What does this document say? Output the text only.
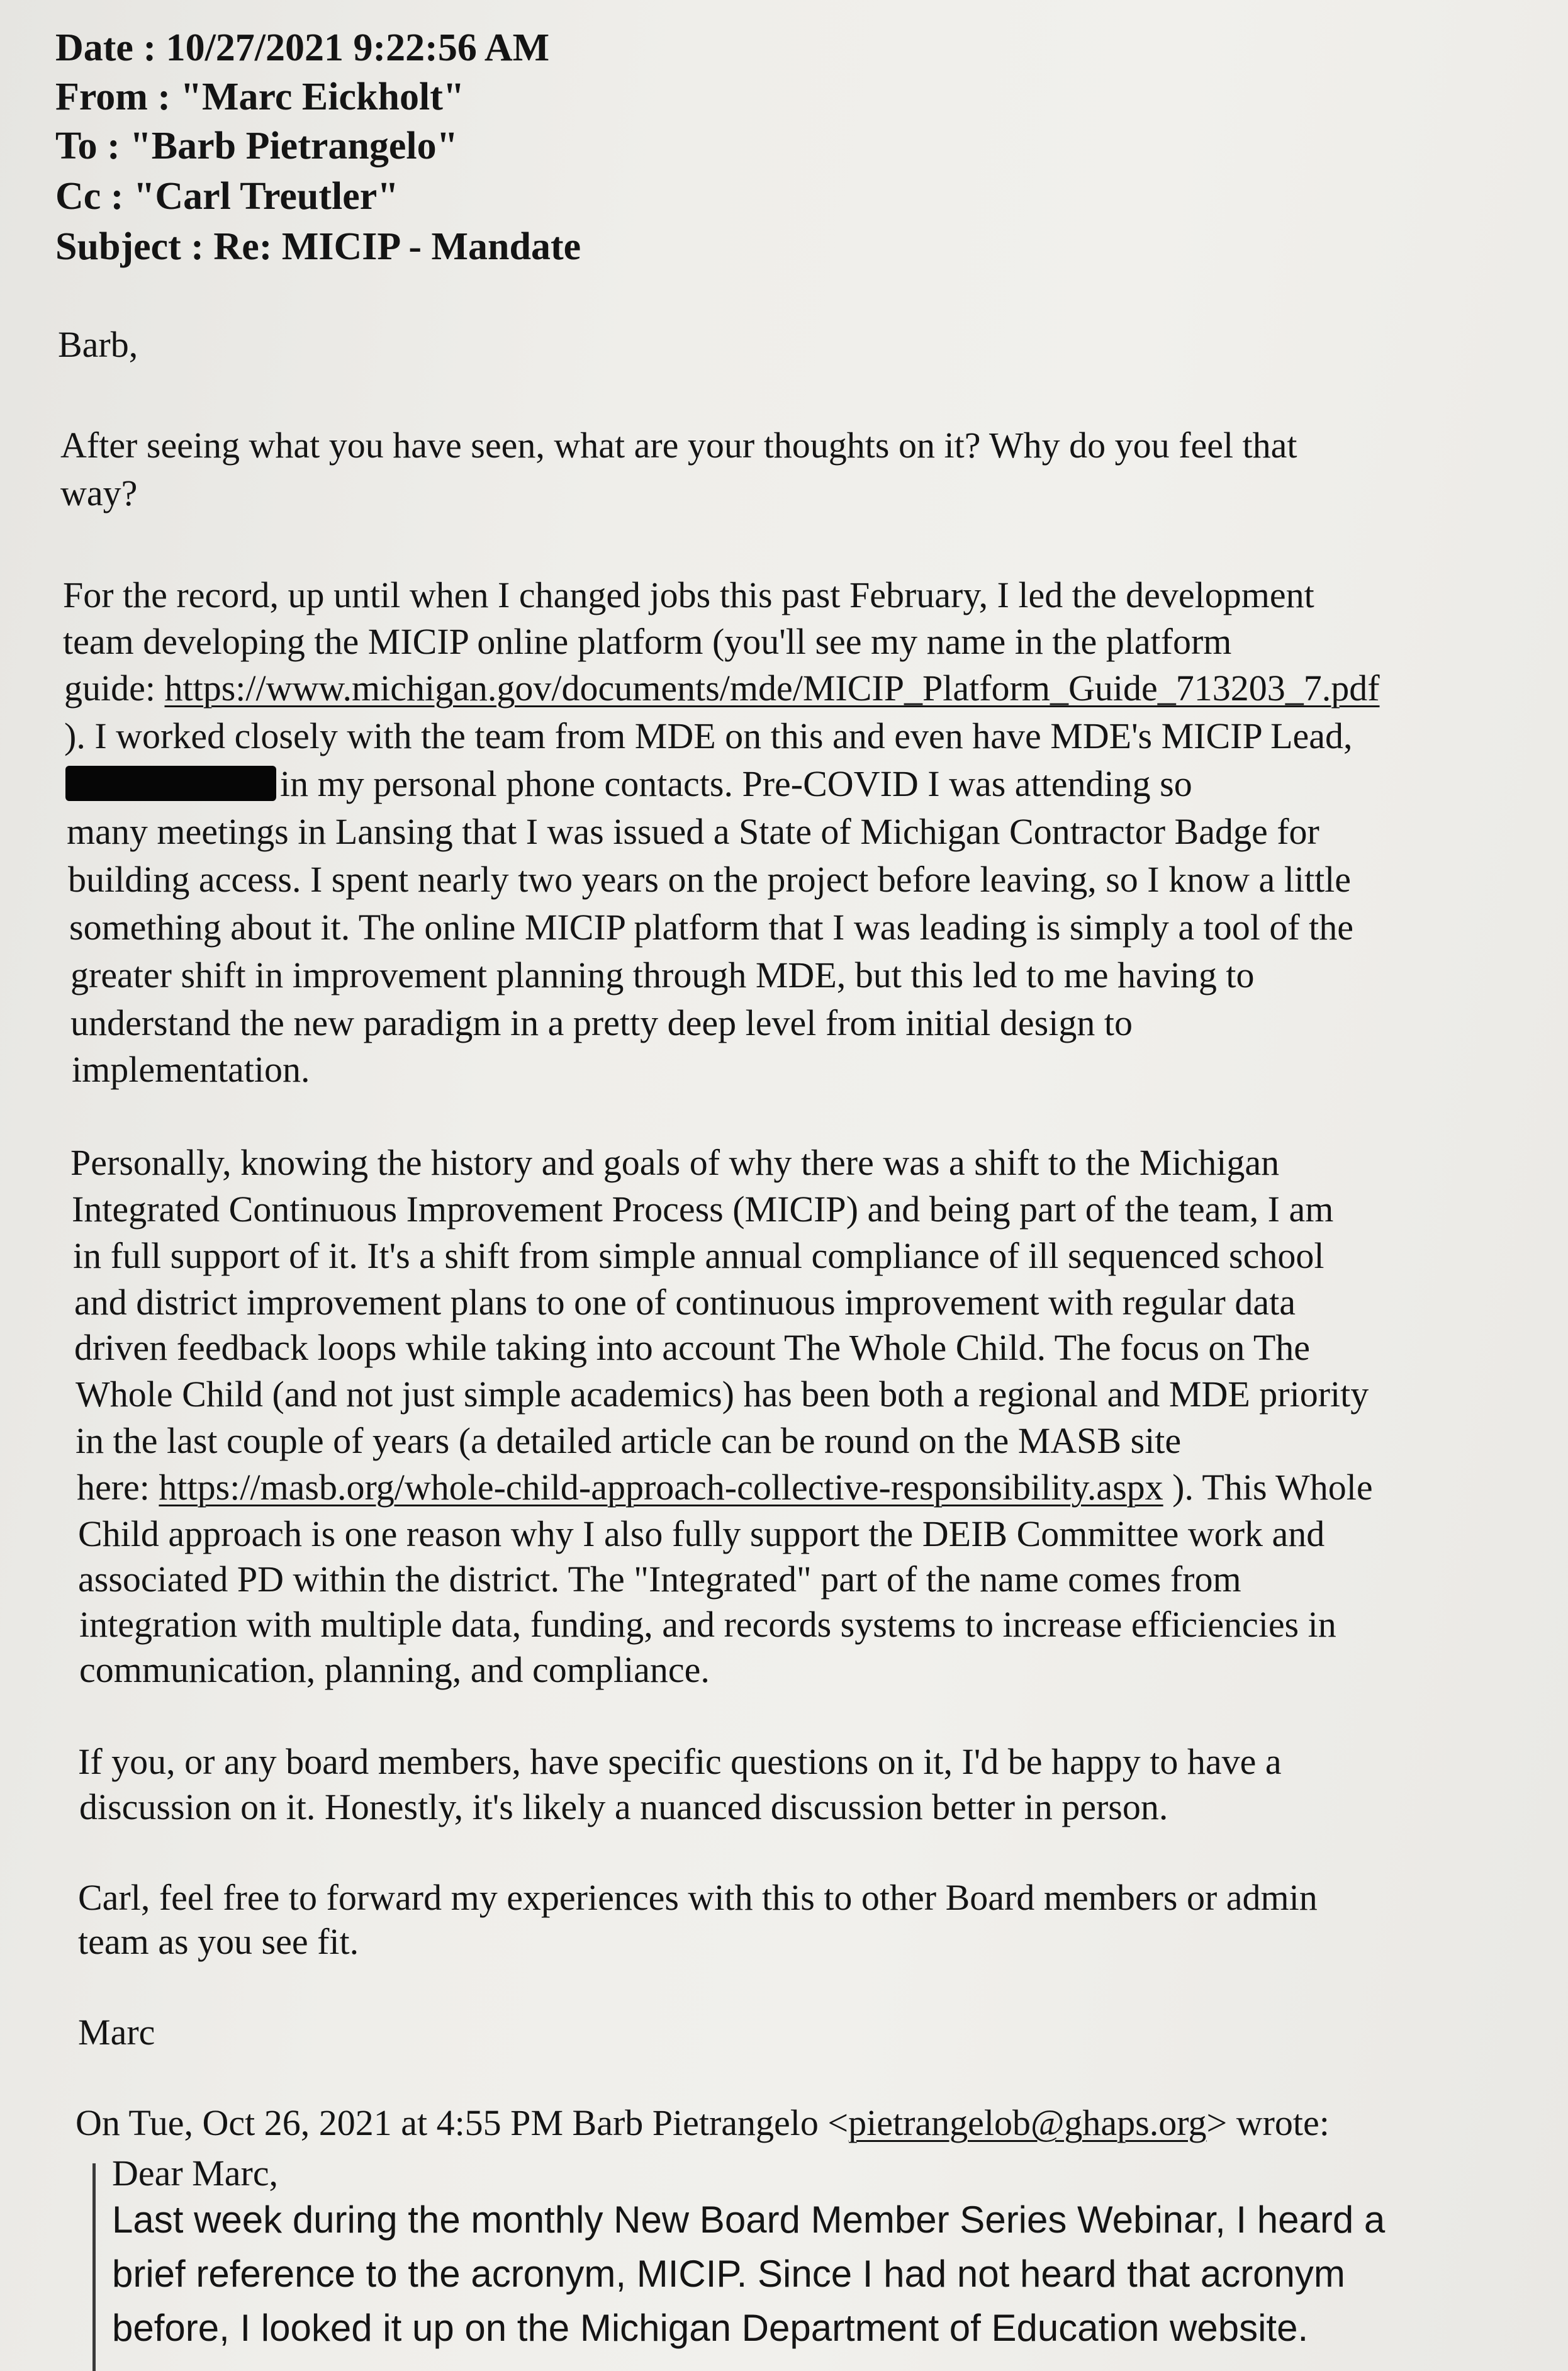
Date : 10/27/2021 9:22:56 AM
From : "Marc Eickholt"
To : "Barb Pietrangelo"
Cc : "Carl Treutler"
Subject : Re: MICIP - Mandate
Barb,
After seeing what you have seen, what are your thoughts on it? Why do you feel that
way?
For the record, up until when I changed jobs this past February, I led the development
team developing the MICIP online platform (you'll see my name in the platform
guide: https://www.michigan.gov/documents/mde/MICIP_Platform_Guide_713203_7.pdf
). I worked closely with the team from MDE on this and even have MDE's MICIP Lead,
in my personal phone contacts. Pre-COVID I was attending so
many meetings in Lansing that I was issued a State of Michigan Contractor Badge for
building access. I spent nearly two years on the project before leaving, so I know a little
something about it. The online MICIP platform that I was leading is simply a tool of the
greater shift in improvement planning through MDE, but this led to me having to
understand the new paradigm in a pretty deep level from initial design to
implementation.
Personally, knowing the history and goals of why there was a shift to the Michigan
Integrated Continuous Improvement Process (MICIP) and being part of the team, I am
in full support of it. It's a shift from simple annual compliance of ill sequenced school
and district improvement plans to one of continuous improvement with regular data
driven feedback loops while taking into account The Whole Child. The focus on The
Whole Child (and not just simple academics) has been both a regional and MDE priority
in the last couple of years (a detailed article can be round on the MASB site
here: https://masb.org/whole-child-approach-collective-responsibility.aspx ). This Whole
Child approach is one reason why I also fully support the DEIB Committee work and
associated PD within the district. The "Integrated" part of the name comes from
integration with multiple data, funding, and records systems to increase efficiencies in
communication, planning, and compliance.
If you, or any board members, have specific questions on it, I'd be happy to have a
discussion on it. Honestly, it's likely a nuanced discussion better in person.
Carl, feel free to forward my experiences with this to other Board members or admin
team as you see fit.
Marc
On Tue, Oct 26, 2021 at 4:55 PM Barb Pietrangelo <pietrangelob@ghaps.org> wrote:
Dear Marc,
Last week during the monthly New Board Member Series Webinar, I heard a
brief reference to the acronym, MICIP. Since I had not heard that acronym
before, I looked it up on the Michigan Department of Education website.
